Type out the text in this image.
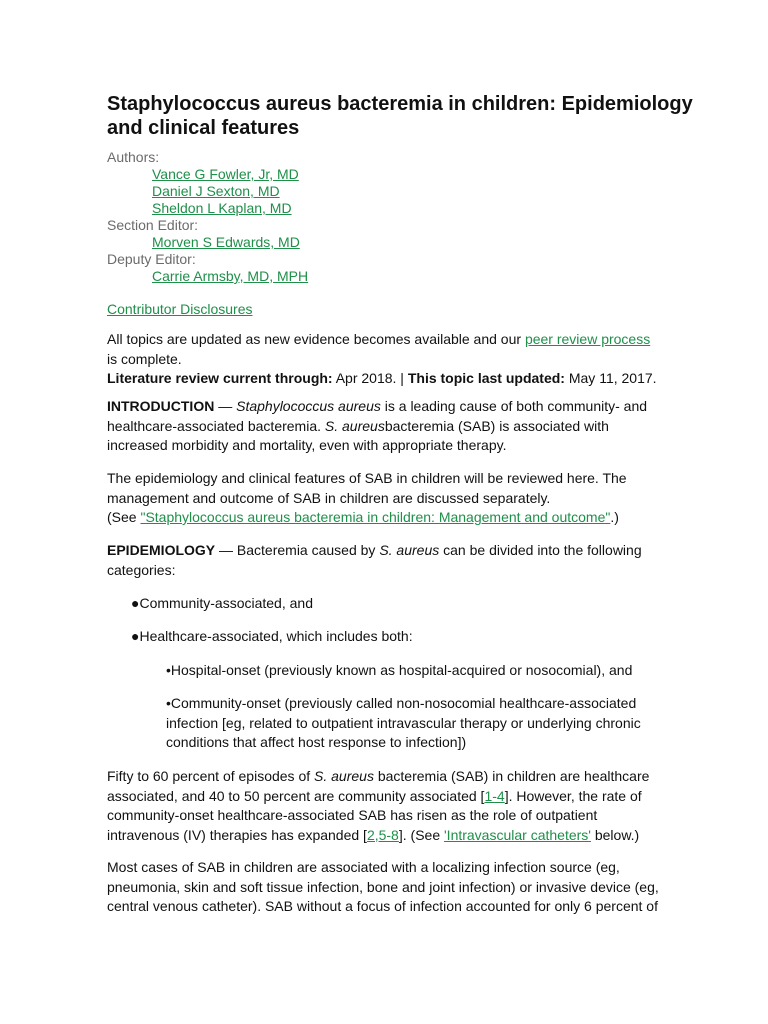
Staphylococcus aureus bacteremia in children: Epidemiology and clinical features
Authors:
Vance G Fowler, Jr, MD
Daniel J Sexton, MD
Sheldon L Kaplan, MD
Section Editor:
Morven S Edwards, MD
Deputy Editor:
Carrie Armsby, MD, MPH

Contributor Disclosures

All topics are updated as new evidence becomes available and our peer review process is complete.
Literature review current through: Apr 2018. | This topic last updated: May 11, 2017.

INTRODUCTION — Staphylococcus aureus is a leading cause of both community- and healthcare-associated bacteremia. S. aureusbacteremia (SAB) is associated with increased morbidity and mortality, even with appropriate therapy.

The epidemiology and clinical features of SAB in children will be reviewed here. The management and outcome of SAB in children are discussed separately.
(See "Staphylococcus aureus bacteremia in children: Management and outcome".)

EPIDEMIOLOGY — Bacteremia caused by S. aureus can be divided into the following categories:

●Community-associated, and

●Healthcare-associated, which includes both:

•Hospital-onset (previously known as hospital-acquired or nosocomial), and

•Community-onset (previously called non-nosocomial healthcare-associated infection [eg, related to outpatient intravascular therapy or underlying chronic conditions that affect host response to infection])

Fifty to 60 percent of episodes of S. aureus bacteremia (SAB) in children are healthcare associated, and 40 to 50 percent are community associated [1-4]. However, the rate of community-onset healthcare-associated SAB has risen as the role of outpatient intravenous (IV) therapies has expanded [2,5-8]. (See 'Intravascular catheters' below.)

Most cases of SAB in children are associated with a localizing infection source (eg, pneumonia, skin and soft tissue infection, bone and joint infection) or invasive device (eg, central venous catheter). SAB without a focus of infection accounted for only 6 percent of
